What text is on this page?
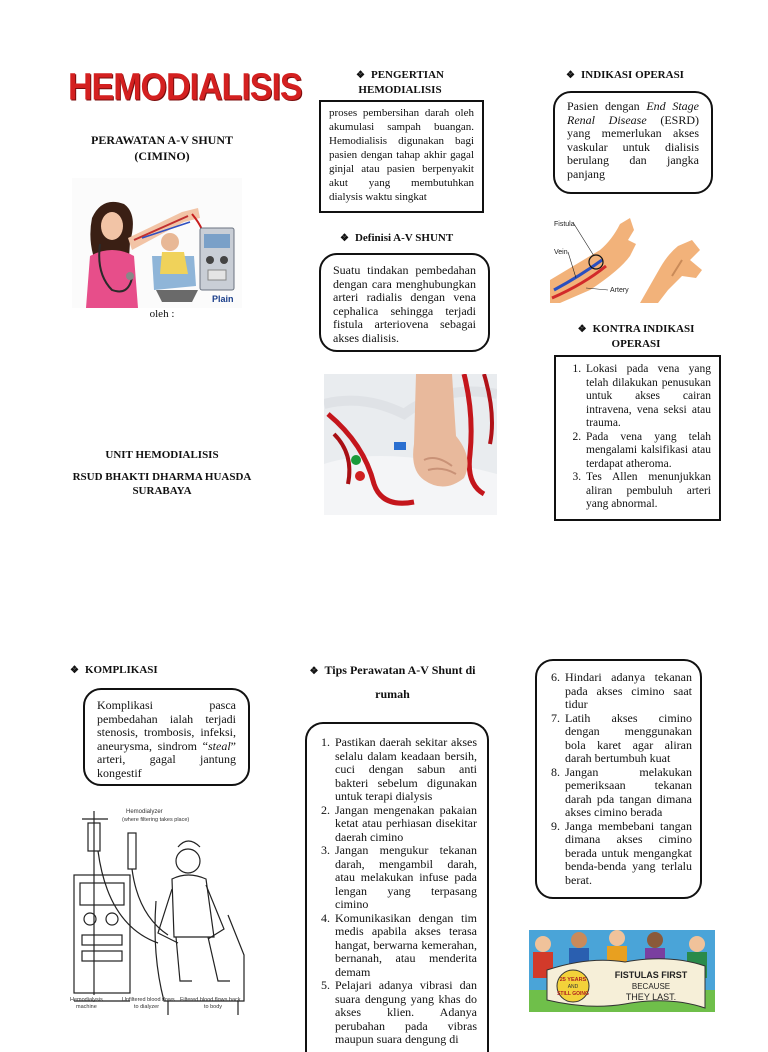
HEMODIALISIS
PERAWATAN A-V SHUNT
(CIMINO)
Plain
oleh :
UNIT HEMODIALISIS
RSUD BHAKTI DHARMA HUASDA
SURABAYA
❖ PENGERTIAN
HEMODIALISIS
proses pembersihan darah oleh akumulasi sampah buangan. Hemodialisis digunakan bagi pasien dengan tahap akhir gagal ginjal atau pasien berpenyakit akut yang membutuhkan dialysis waktu singkat
❖ Definisi A-V SHUNT
Suatu tindakan pembedahan dengan cara menghubungkan arteri radialis dengan vena cephalica sehingga terjadi fistula arteriovena sebagai akses dialisis.
❖ INDIKASI OPERASI
Pasien dengan End Stage Renal Disease (ESRD) yang memerlukan akses vaskular untuk dialisis berulang dan jangka panjang
Fistula
Vein
Artery
❖ KONTRA INDIKASI
OPERASI
1. Lokasi pada vena yang telah dilakukan penusukan untuk akses cairan intravena, vena seksi atau trauma.
2. Pada vena yang telah mengalami kalsifikasi atau terdapat atheroma.
3. Tes Allen menunjukkan aliran pembuluh arteri yang abnormal.
❖ KOMPLIKASI
Komplikasi pasca pembedahan ialah terjadi stenosis, trombosis, infeksi, aneurysma, sindrom “steal” arteri, gagal jantung kongestif
Hemodialyzer
(where filtering takes place)
Hemodialysis
machine
Unfiltered blood flows
to dialyzer
Filtered blood flows back
to body
❖ Tips Perawatan A-V Shunt di
rumah
1. Pastikan daerah sekitar akses selalu dalam keadaan bersih, cuci dengan sabun anti bakteri sebelum digunakan untuk terapi dialysis
2. Jangan mengenakan pakaian ketat atau perhiasan disekitar daerah cimino
3. Jangan mengukur tekanan darah, mengambil darah, atau melakukan infuse pada lengan yang terpasang cimino
4. Komunikasikan dengan tim medis apabila akses terasa hangat, berwarna kemerahan, bernanah, atau menderita demam
5. Pelajari adanya vibrasi dan suara dengung yang khas do akses klien. Adanya perubahan pada vibras maupun suara dengung di
6. Hindari adanya tekanan pada akses cimino saat tidur
7. Latih akses cimino dengan menggunakan bola karet agar aliran darah bertumbuh kuat
8. Jangan melakukan pemeriksaan tekanan darah pda tangan dimana akses cimino berada
9. Janga membebani tangan dimana akses cimino berada untuk mengangkat benda-benda yang terlalu berat.
25 YEARS
AND
STILL GOING
FISTULAS FIRST
BECAUSE
THEY LAST.
